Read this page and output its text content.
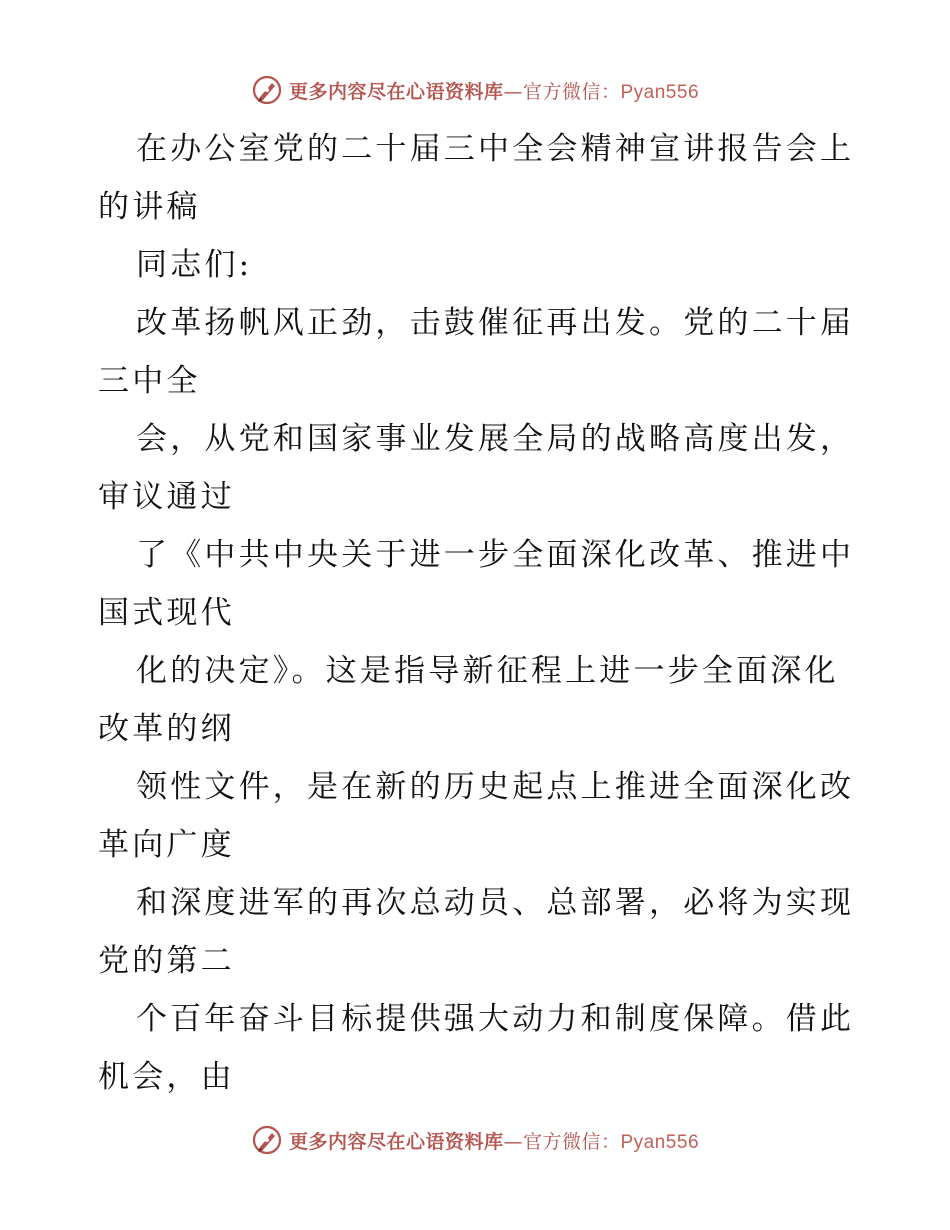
更多内容尽在心语资料库—官方微信：Pyan556
在办公室党的二十届三中全会精神宣讲报告会上
的讲稿
同志们:
改革扬帆风正劲，击鼓催征再出发。党的二十届
三中全
会，从党和国家事业发展全局的战略高度出发，
审议通过
了《中共中央关于进一步全面深化改革、推进中
国式现代
化的决定》。这是指导新征程上进一步全面深化
改革的纲
领性文件，是在新的历史起点上推进全面深化改
革向广度
和深度进军的再次总动员、总部署，必将为实现
党的第二
个百年奋斗目标提供强大动力和制度保障。借此
机会，由
更多内容尽在心语资料库—官方微信：Pyan556
